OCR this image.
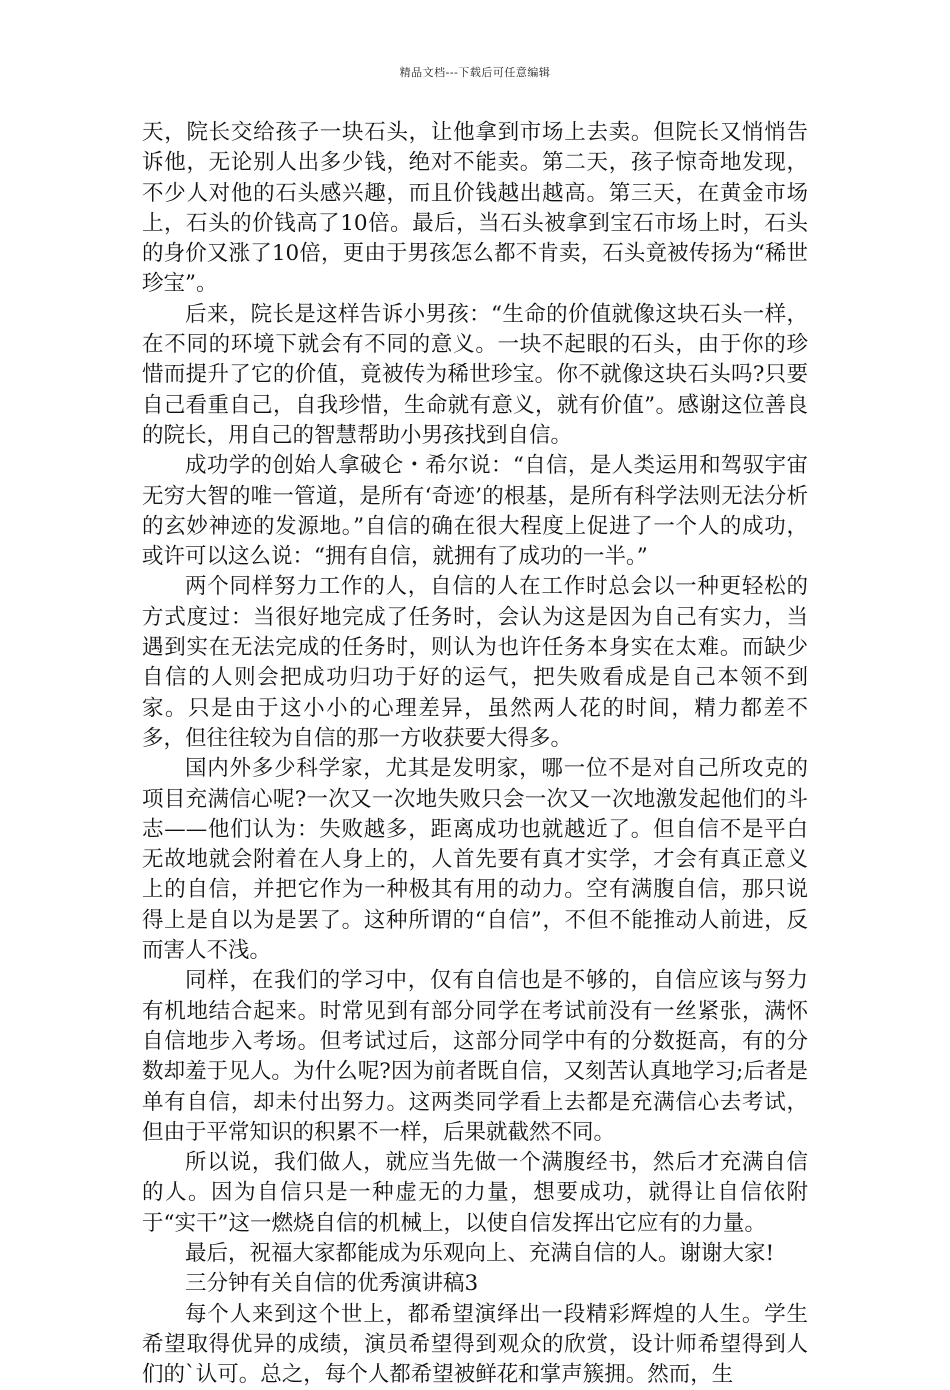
精品文档---下载后可任意编辑

天，院长交给孩子一块石头，让他拿到市场上去卖。但院长又悄悄告诉他，无论别人出多少钱，绝对不能卖。第二天，孩子惊奇地发现，不少人对他的石头感兴趣，而且价钱越出越高。第三天，在黄金市场上，石头的价钱高了10倍。最后，当石头被拿到宝石市场上时，石头的身价又涨了10倍，更由于男孩怎么都不肯卖，石头竟被传扬为“稀世珍宝”。

后来，院长是这样告诉小男孩：“生命的价值就像这块石头一样，在不同的环境下就会有不同的意义。一块不起眼的石头，由于你的珍惜而提升了它的价值，竟被传为稀世珍宝。你不就像这块石头吗?只要自己看重自己，自我珍惜，生命就有意义，就有价值”。感谢这位善良的院长，用自己的智慧帮助小男孩找到自信。

成功学的创始人拿破仑・希尔说：“自信，是人类运用和驾驭宇宙无穷大智的唯一管道，是所有‘奇迹’的根基，是所有科学法则无法分析的玄妙神迹的发源地。”自信的确在很大程度上促进了一个人的成功，或许可以这么说：“拥有自信，就拥有了成功的一半。”

两个同样努力工作的人，自信的人在工作时总会以一种更轻松的方式度过：当很好地完成了任务时，会认为这是因为自己有实力，当遇到实在无法完成的任务时，则认为也许任务本身实在太难。而缺少自信的人则会把成功归功于好的运气，把失败看成是自己本领不到家。只是由于这小小的心理差异，虽然两人花的时间，精力都差不多，但往往较为自信的那一方收获要大得多。

国内外多少科学家，尤其是发明家，哪一位不是对自己所攻克的项目充满信心呢?一次又一次地失败只会一次又一次地激发起他们的斗志——他们认为：失败越多，距离成功也就越近了。但自信不是平白无故地就会附着在人身上的，人首先要有真才实学，才会有真正意义上的自信，并把它作为一种极其有用的动力。空有满腹自信，那只说得上是自以为是罢了。这种所谓的“自信”，不但不能推动人前进，反而害人不浅。

同样，在我们的学习中，仅有自信也是不够的，自信应该与努力有机地结合起来。时常见到有部分同学在考试前没有一丝紧张，满怀自信地步入考场。但考试过后，这部分同学中有的分数挺高，有的分数却羞于见人。为什么呢?因为前者既自信，又刻苦认真地学习;后者是单有自信，却未付出努力。这两类同学看上去都是充满信心去考试，但由于平常知识的积累不一样，后果就截然不同。

所以说，我们做人，就应当先做一个满腹经书，然后才充满自信的人。因为自信只是一种虚无的力量，想要成功，就得让自信依附于“实干”这一燃烧自信的机械上，以使自信发挥出它应有的力量。

最后，祝福大家都能成为乐观向上、充满自信的人。谢谢大家!

三分钟有关自信的优秀演讲稿3

每个人来到这个世上，都希望演绎出一段精彩辉煌的人生。学生希望取得优异的成绩，演员希望得到观众的欣赏，设计师希望得到人们的`认可。总之，每个人都希望被鲜花和掌声簇拥。然而，生
